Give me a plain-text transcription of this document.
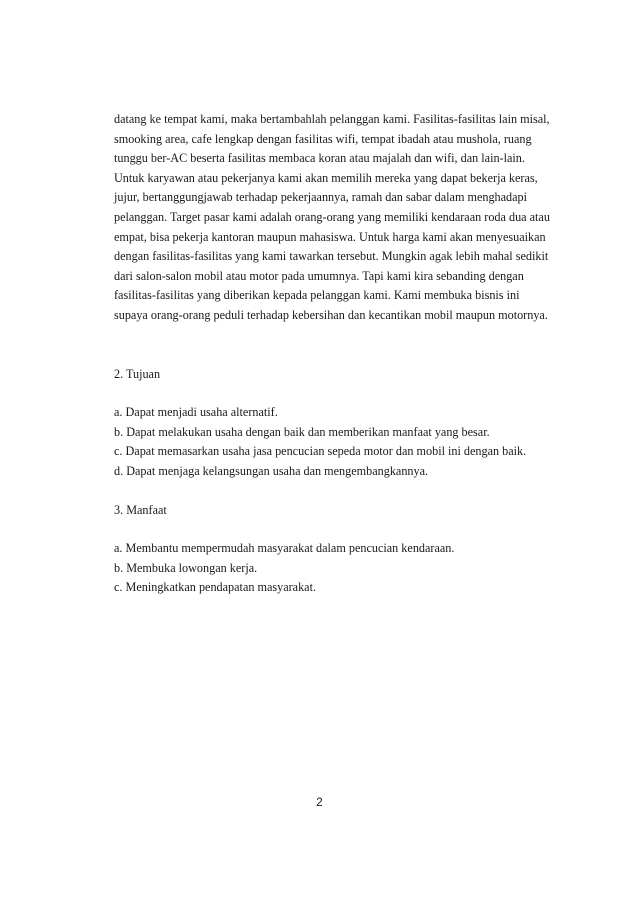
datang ke tempat kami, maka bertambahlah pelanggan kami. Fasilitas-fasilitas lain misal,

smooking area, cafe lengkap dengan fasilitas wifi, tempat ibadah atau mushola, ruang

tunggu ber-AC beserta fasilitas membaca koran atau majalah dan wifi, dan lain-lain.

Untuk karyawan atau pekerjanya kami akan memilih mereka yang dapat bekerja keras,

jujur, bertanggungjawab terhadap pekerjaannya, ramah dan sabar dalam menghadapi

pelanggan. Target pasar kami adalah orang-orang yang memiliki kendaraan roda dua atau

empat, bisa pekerja kantoran maupun mahasiswa. Untuk harga kami akan menyesuaikan

dengan fasilitas-fasilitas yang kami tawarkan tersebut. Mungkin agak lebih mahal sedikit

dari salon-salon mobil atau motor pada umumnya. Tapi kami kira sebanding dengan

fasilitas-fasilitas yang diberikan kepada pelanggan kami. Kami membuka bisnis ini

supaya orang-orang peduli terhadap kebersihan dan kecantikan mobil maupun motornya.

2. Tujuan

a. Dapat menjadi usaha alternatif.

b. Dapat melakukan usaha dengan baik dan memberikan manfaat yang besar.

c. Dapat memasarkan usaha jasa pencucian sepeda motor dan mobil ini dengan baik.

d. Dapat menjaga kelangsungan usaha dan mengembangkannya.

3. Manfaat

a. Membantu mempermudah masyarakat dalam pencucian kendaraan.

b. Membuka lowongan kerja.

c. Meningkatkan pendapatan masyarakat.

2
